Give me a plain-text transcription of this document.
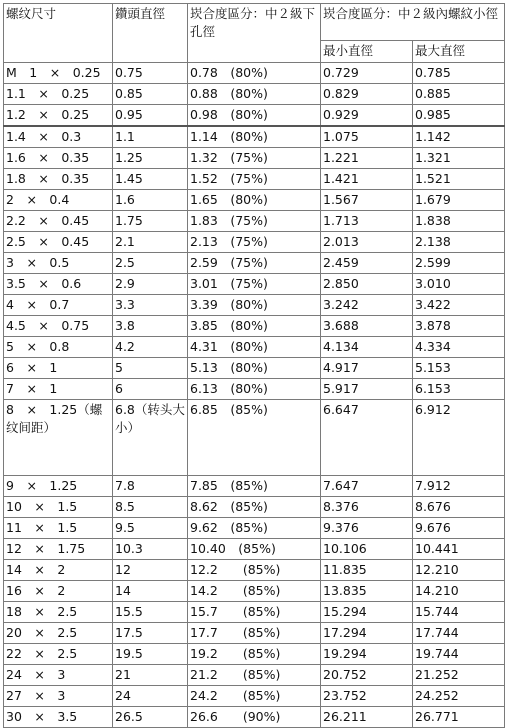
螺纹尺寸	鑽頭直徑	崁合度區分：中２級下孔徑	崁合度區分：中２級內螺紋小徑	
			最小直徑	最大直徑
M　1　×　0.25	0.75	0.78　(80%)	0.729	0.785
1.1　×　0.25	0.85	0.88　(80%)	0.829	0.885
1.2　×　0.25	0.95	0.98　(80%)	0.929	0.985
1.4　×　0.3	1.1	1.14　(80%)	1.075	1.142
1.6　×　0.35	1.25	1.32　(75%)	1.221	1.321
1.8　×　0.35	1.45	1.52　(75%)	1.421	1.521
2　×　0.4	1.6	1.65　(80%)	1.567	1.679
2.2　×　0.45	1.75	1.83　(75%)	1.713	1.838
2.5　×　0.45	2.1	2.13　(75%)	2.013	2.138
3　×　0.5	2.5	2.59　(75%)	2.459	2.599
3.5　×　0.6	2.9	3.01　(75%)	2.850	3.010
4　×　0.7	3.3	3.39　(80%)	3.242	3.422
4.5　×　0.75	3.8	3.85　(80%)	3.688	3.878
5　×　0.8	4.2	4.31　(80%)	4.134	4.334
6　×　1	5	5.13　(80%)	4.917	5.153
7　×　1	6	6.13　(80%)	5.917	6.153
8　×　1.25（螺纹间距）	6.8（转头大小）	6.85　(85%)	6.647	6.912
9　×　1.25	7.8	7.85　(85%)	7.647	7.912
10　×　1.5	8.5	8.62　(85%)	8.376	8.676
11　×　1.5	9.5	9.62　(85%)	9.376	9.676
12　×　1.75	10.3	10.40　(85%)	10.106	10.441
14　×　2	12	12.2　　(85%)	11.835	12.210
16　×　2	14	14.2　　(85%)	13.835	14.210
18　×　2.5	15.5	15.7　　(85%)	15.294	15.744
20　×　2.5	17.5	17.7　　(85%)	17.294	17.744
22　×　2.5	19.5	19.2　　(85%)	19.294	19.744
24　×　3	21	21.2　　(85%)	20.752	21.252
27　×　3	24	24.2　　(85%)	23.752	24.252
30　×　3.5	26.5	26.6　　(90%)	26.211	26.771
